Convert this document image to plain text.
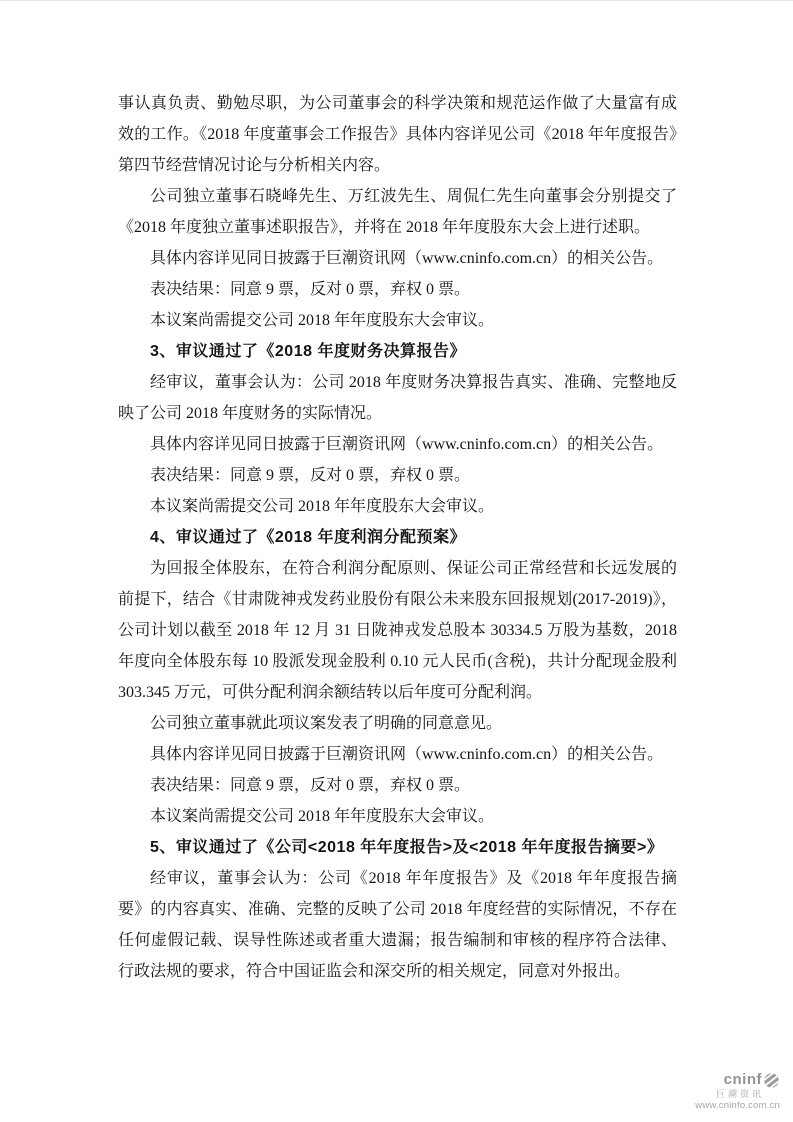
事认真负责、勤勉尽职，为公司董事会的科学决策和规范运作做了大量富有成效的工作。《2018 年度董事会工作报告》具体内容详见公司《2018 年年度报告》第四节经营情况讨论与分析相关内容。

公司独立董事石晓峰先生、万红波先生、周侃仁先生向董事会分别提交了《2018 年度独立董事述职报告》，并将在 2018 年年度股东大会上进行述职。

具体内容详见同日披露于巨潮资讯网（www.cninfo.com.cn）的相关公告。

表决结果：同意 9 票，反对 0 票，弃权 0 票。

本议案尚需提交公司 2018 年年度股东大会审议。

3、审议通过了《2018 年度财务决算报告》

经审议，董事会认为：公司 2018 年度财务决算报告真实、准确、完整地反映了公司 2018 年度财务的实际情况。

具体内容详见同日披露于巨潮资讯网（www.cninfo.com.cn）的相关公告。

表决结果：同意 9 票，反对 0 票，弃权 0 票。

本议案尚需提交公司 2018 年年度股东大会审议。

4、审议通过了《2018 年度利润分配预案》

为回报全体股东，在符合利润分配原则、保证公司正常经营和长远发展的前提下，结合《甘肃陇神戎发药业股份有限公未来股东回报规划(2017-2019)》，公司计划以截至 2018 年 12 月 31 日陇神戎发总股本 30334.5 万股为基数，2018 年度向全体股东每 10 股派发现金股利 0.10 元人民币(含税)，共计分配现金股利 303.345 万元，可供分配利润余额结转以后年度可分配利润。

公司独立董事就此项议案发表了明确的同意意见。

具体内容详见同日披露于巨潮资讯网（www.cninfo.com.cn）的相关公告。

表决结果：同意 9 票，反对 0 票，弃权 0 票。

本议案尚需提交公司 2018 年年度股东大会审议。

5、审议通过了《公司<2018 年年度报告>及<2018 年年度报告摘要>》

经审议，董事会认为：公司《2018 年年度报告》及《2018 年年度报告摘要》的内容真实、准确、完整的反映了公司 2018 年度经营的实际情况，不存在任何虚假记载、误导性陈述或者重大遗漏；报告编制和审核的程序符合法律、行政法规的要求，符合中国证监会和深交所的相关规定，同意对外报出。

cninf
巨潮资讯
www.cninfo.com.cn
